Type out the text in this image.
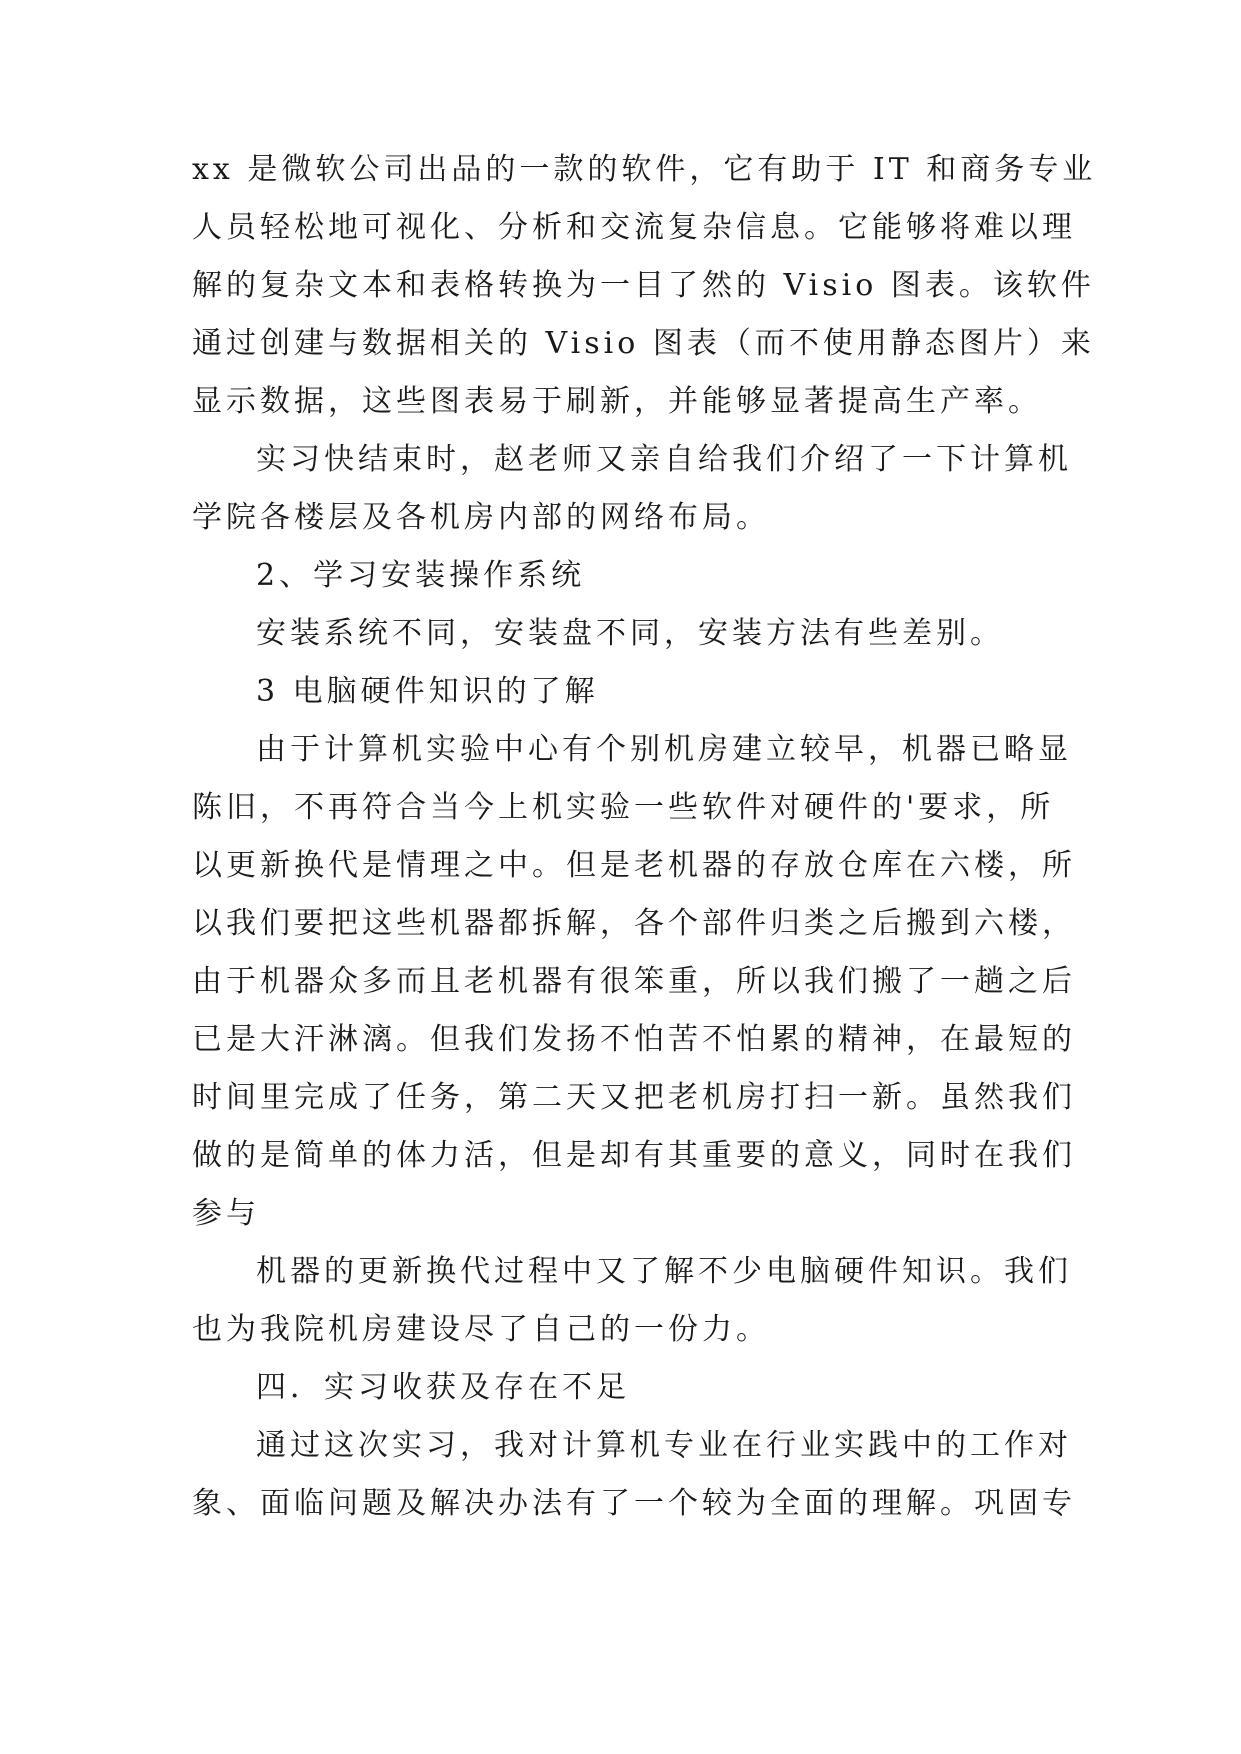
xx 是微软公司出品的一款的软件，它有助于 IT 和商务专业
人员轻松地可视化、分析和交流复杂信息。它能够将难以理
解的复杂文本和表格转换为一目了然的 Visio 图表。该软件
通过创建与数据相关的 Visio 图表（而不使用静态图片）来
显示数据，这些图表易于刷新，并能够显著提高生产率。
实习快结束时，赵老师又亲自给我们介绍了一下计算机
学院各楼层及各机房内部的网络布局。
2、学习安装操作系统
安装系统不同，安装盘不同，安装方法有些差别。
3 电脑硬件知识的了解
由于计算机实验中心有个别机房建立较早，机器已略显
陈旧，不再符合当今上机实验一些软件对硬件的'要求，所
以更新换代是情理之中。但是老机器的存放仓库在六楼，所
以我们要把这些机器都拆解，各个部件归类之后搬到六楼，
由于机器众多而且老机器有很笨重，所以我们搬了一趟之后
已是大汗淋漓。但我们发扬不怕苦不怕累的精神，在最短的
时间里完成了任务，第二天又把老机房打扫一新。虽然我们
做的是简单的体力活，但是却有其重要的意义，同时在我们
参与
机器的更新换代过程中又了解不少电脑硬件知识。我们
也为我院机房建设尽了自己的一份力。
四．实习收获及存在不足
通过这次实习，我对计算机专业在行业实践中的工作对
象、面临问题及解决办法有了一个较为全面的理解。巩固专
